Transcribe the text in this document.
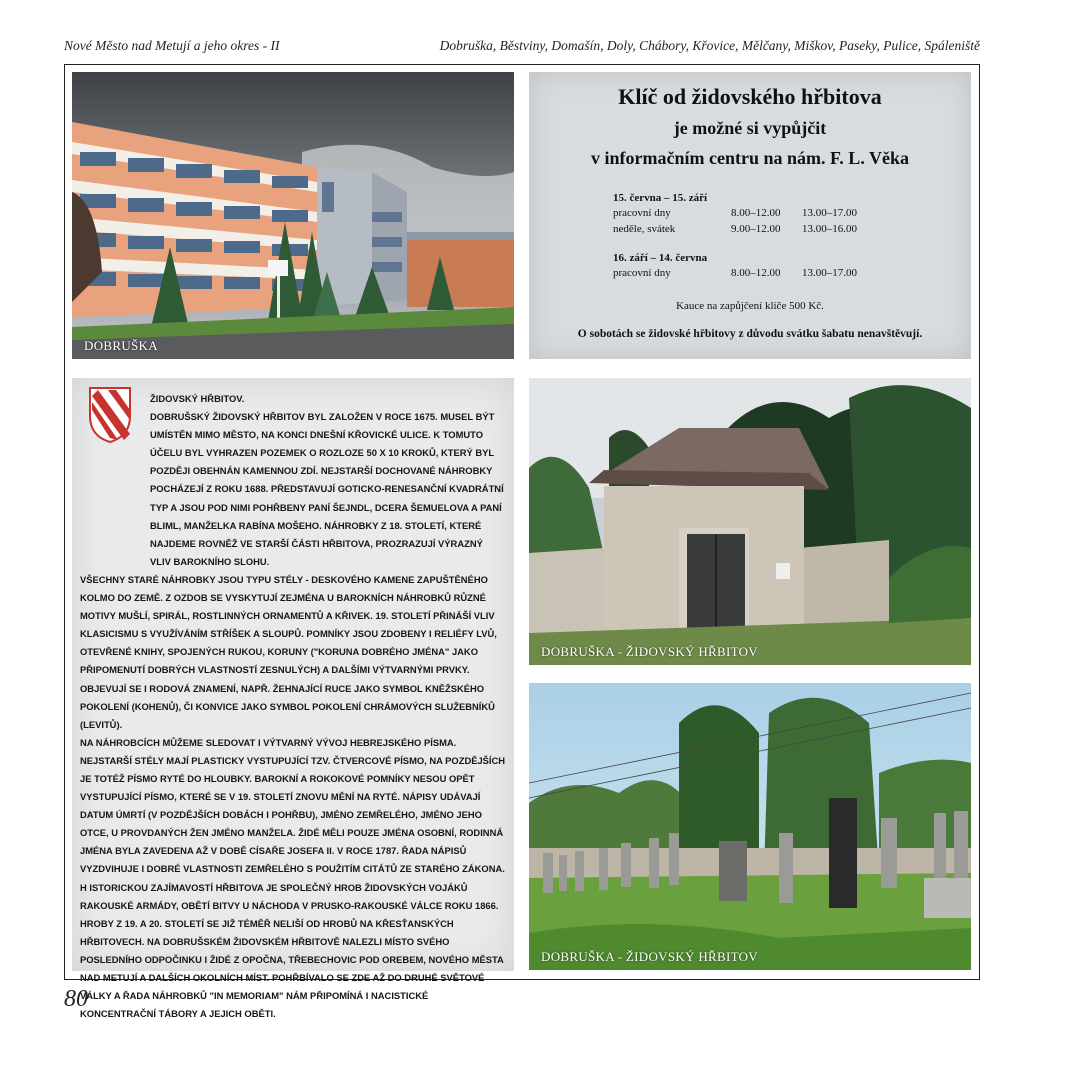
Nové Město nad Metují a jeho okres - II	Dobruška, Běstviny, Domašín, Doly, Chábory, Křovice, Mělčany, Miškov, Paseky, Pulice, Spáleniště
DOBRUŠKA
Klíč od židovského hřbitova
je možné si vypůjčit
v informačním centru na nám. F. L. Věka
15. června – 15. září
pracovní dny	8.00–12.00 13.00–17.00
neděle, svátek	9.00–12.00 13.00–16.00
16. září – 14. června
pracovní dny	8.00–12.00 13.00–17.00
Kauce na zapůjčení klíče 500 Kč.
O sobotách se židovské hřbitovy z důvodu svátku šabatu nenavštěvují.

ŽIDOVSKÝ HŘBITOV.

DOBRUŠSKÝ ŽIDOVSKÝ HŘBITOV BYL ZALOŽEN V ROCE 1675. MUSEL BÝT UMÍSTĚN MIMO MĚSTO, NA KONCI DNEŠNÍ KŘOVICKÉ ULICE. K TOMUTO ÚČELU BYL VYHRAZEN POZEMEK O ROZLOZE 50 X 10 KROKŮ, KTERÝ BYL POZDĚJI OBEHNÁN KAMENNOU ZDÍ. NEJSTARŠÍ DOCHOVANÉ NÁHROBKY POCHÁZEJÍ Z ROKU 1688. PŘEDSTAVUJÍ GOTICKO-RENESANČNÍ KVADRÁTNÍ TYP A JSOU POD NIMI POHŘBENY PANÍ ŠEJNDL, DCERA ŠEMUELOVA A PANÍ BLIML, MANŽELKA RABÍNA MOŠEHO. NÁHROBKY Z 18. STOLETÍ, KTERÉ NAJDEME ROVNĚŽ VE STARŠÍ ČÁSTI HŘBITOVA, PROZRAZUJÍ VÝRAZNÝ VLIV BAROKNÍHO SLOHU.

VŠECHNY STARÉ NÁHROBKY JSOU TYPU STÉLY - DESKOVÉHO KAMENE ZAPUŠTĚNÉHO KOLMO DO ZEMĚ. Z OZDOB SE VYSKYTUJÍ ZEJMÉNA U BAROKNÍCH NÁHROBKŮ RŮZNÉ MOTIVY MUŠLÍ, SPIRÁL, ROSTLINNÝCH ORNAMENTŮ A KŘIVEK. 19. STOLETÍ PŘINÁŠÍ VLIV KLASICISMU S VYUŽÍVÁNÍM STŘÍŠEK A SLOUPŮ. POMNÍKY JSOU ZDOBENY I RELIÉFY LVŮ, OTEVŘENÉ KNIHY, SPOJENÝCH RUKOU, KORUNY ("KORUNA DOBRÉHO JMÉNA" JAKO PŘIPOMENUTÍ DOBRÝCH VLASTNOSTÍ ZESNULÝCH) A DALŠÍMI VÝTVARNÝMI PRVKY. OBJEVUJÍ SE I RODOVÁ ZNAMENÍ, NAPŘ. ŽEHNAJÍCÍ RUCE JAKO SYMBOL KNĚŽSKÉHO POKOLENÍ (KOHENŮ), ČI KONVICE JAKO SYMBOL POKOLENÍ CHRÁMOVÝCH SLUŽEBNÍKŮ (LEVITŮ).

NA NÁHROBCÍCH MŮŽEME SLEDOVAT I VÝTVARNÝ VÝVOJ HEBREJSKÉHO PÍSMA. NEJSTARŠÍ STÉLY MAJÍ PLASTICKY VYSTUPUJÍCÍ TZV. ČTVERCOVÉ PÍSMO, NA POZDĚJŠÍCH JE TOTÉŽ PÍSMO RYTÉ DO HLOUBKY. BAROKNÍ A ROKOKOVÉ POMNÍKY NESOU OPĚT VYSTUPUJÍCÍ PÍSMO, KTERÉ SE V 19. STOLETÍ ZNOVU MĚNÍ NA RYTÉ. NÁPISY UDÁVAJÍ DATUM ÚMRTÍ (V POZDĚJŠÍCH DOBÁCH I POHŘBU), JMÉNO ZEMŘELÉHO, JMÉNO JEHO OTCE, U PROVDANÝCH ŽEN JMÉNO MANŽELA. ŽIDÉ MĚLI POUZE JMÉNA OSOBNÍ, RODINNÁ JMÉNA BYLA ZAVEDENA AŽ V DOBĚ CÍSAŘE JOSEFA II. V ROCE 1787. ŘADA NÁPISŮ VYZDVIHUJE I DOBRÉ VLASTNOSTI ZEMŘELÉHO S POUŽITÍM CITÁTŮ ZE STARÉHO ZÁKONA.

H ISTORICKOU ZAJÍMAVOSTÍ HŘBITOVA JE SPOLEČNÝ HROB ŽIDOVSKÝCH VOJÁKŮ RAKOUSKÉ ARMÁDY, OBĚTÍ BITVY U NÁCHODA V PRUSKO-RAKOUSKÉ VÁLCE ROKU 1866. HROBY Z 19. A 20. STOLETÍ SE JIŽ TÉMĚŘ NELIŠÍ OD HROBŮ NA KŘESŤANSKÝCH HŘBITOVECH. NA DOBRUŠSKÉM ŽIDOVSKÉM HŘBITOVĚ NALEZLI MÍSTO SVÉHO POSLEDNÍHO ODPOČINKU I ŽIDÉ Z OPOČNA, TŘEBECHOVIC POD OREBEM, NOVÉHO MĚSTA NAD METUJÍ A DALŠÍCH OKOLNÍCH MÍST. POHŘBÍVALO SE ZDE AŽ DO DRUHÉ SVĚTOVÉ VÁLKY A ŘADA NÁHROBKŮ "IN MEMORIAM" NÁM PŘIPOMÍNÁ I NACISTICKÉ KONCENTRAČNÍ TÁBORY A JEJICH OBĚTI.

DOBRUŠKA - ŽIDOVSKÝ HŘBITOV
DOBRUŠKA - ŽIDOVSKÝ HŘBITOV
80
